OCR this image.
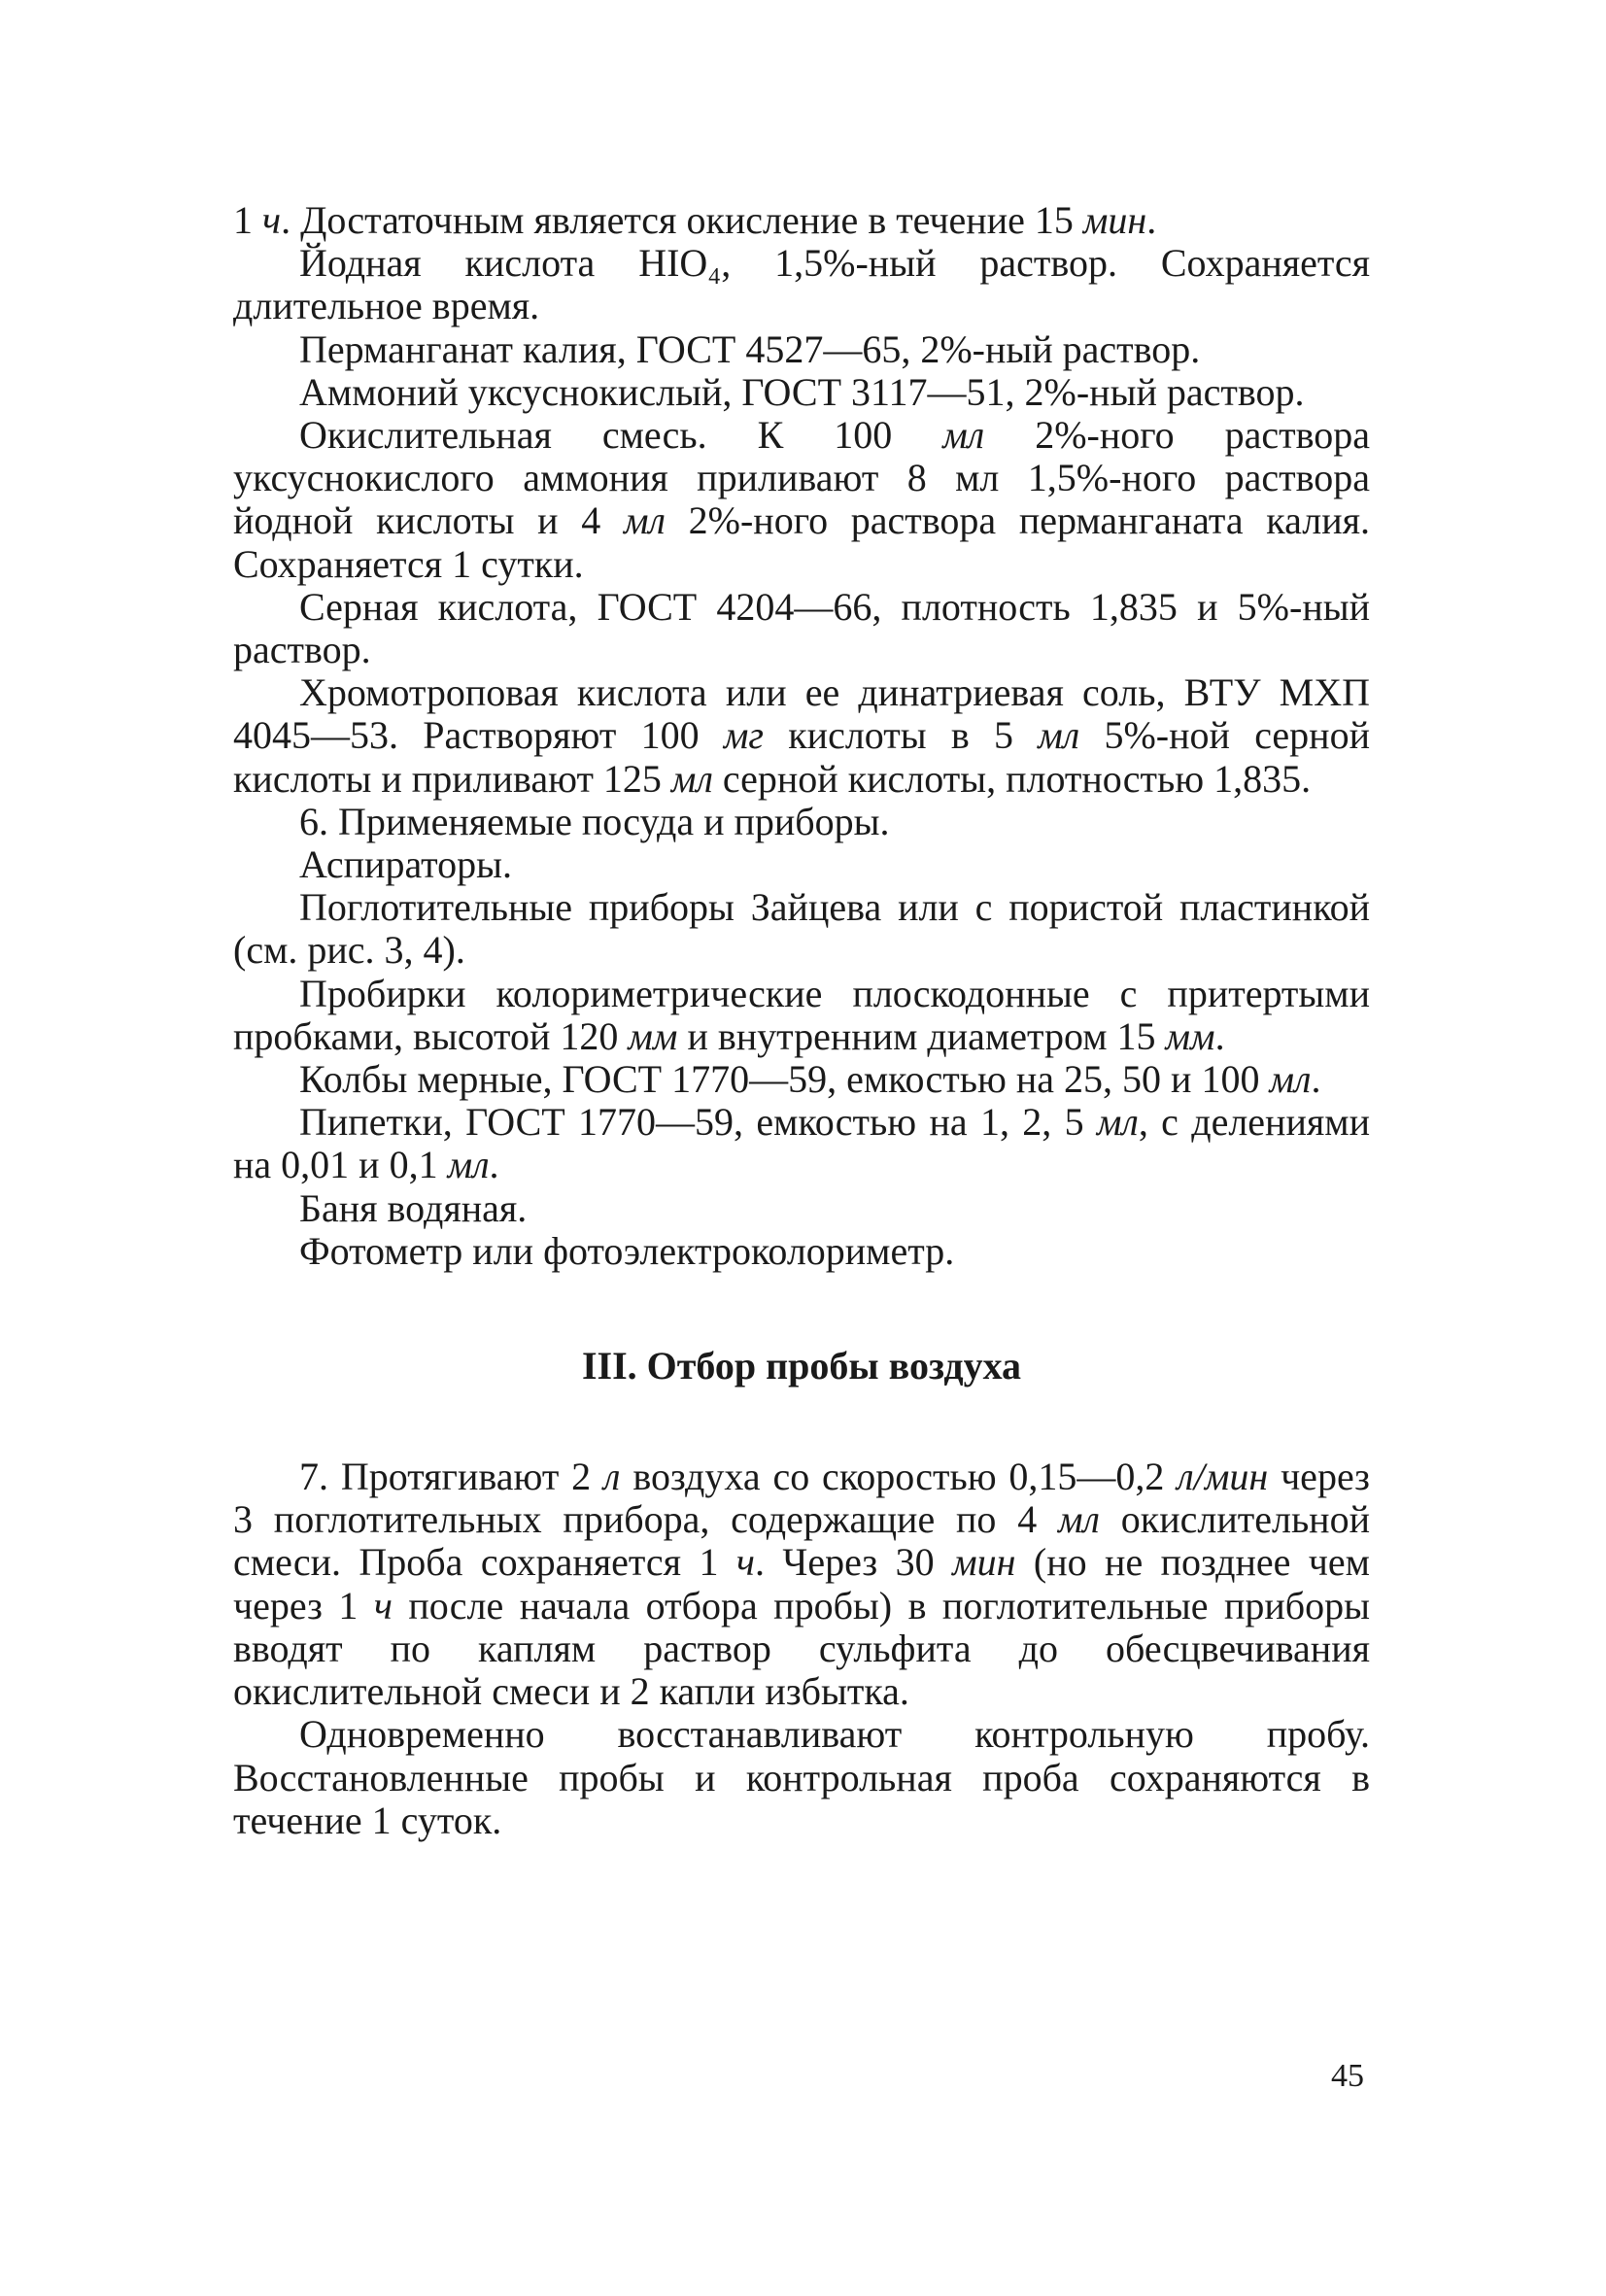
1 ч. Достаточным является окисление в течение 15 мин.

Йодная кислота HIO₄, 1,5%-ный раствор. Сохраняется длительное время.

Перманганат калия, ГОСТ 4527—65, 2%-ный раствор.

Аммоний уксуснокислый, ГОСТ 3117—51, 2%-ный раствор.

Окислительная смесь. К 100 мл 2%-ного раствора уксуснокислого аммония приливают 8 мл 1,5%-ного раствора йодной кислоты и 4 мл 2%-ного раствора перманганата калия. Сохраняется 1 сутки.

Серная кислота, ГОСТ 4204—66, плотность 1,835 и 5%-ный раствор.

Хромотроповая кислота или ее динатриевая соль, ВТУ МХП 4045—53. Растворяют 100 мг кислоты в 5 мл 5%-ной серной кислоты и приливают 125 мл серной кислоты, плотностью 1,835.

6. Применяемые посуда и приборы.

Аспираторы.

Поглотительные приборы Зайцева или с пористой пластинкой (см. рис. 3, 4).

Пробирки колориметрические плоскодонные с притертыми пробками, высотой 120 мм и внутренним диаметром 15 мм.

Колбы мерные, ГОСТ 1770—59, емкостью на 25, 50 и 100 мл.

Пипетки, ГОСТ 1770—59, емкостью на 1, 2, 5 мл, с делениями на 0,01 и 0,1 мл.

Баня водяная.

Фотометр или фотоэлектроколориметр.

III. Отбор пробы воздуха

7. Протягивают 2 л воздуха со скоростью 0,15—0,2 л/мин через 3 поглотительных прибора, содержащие по 4 мл окислительной смеси. Проба сохраняется 1 ч. Через 30 мин (но не позднее чем через 1 ч после начала отбора пробы) в поглотительные приборы вводят по каплям раствор сульфита до обесцвечивания окислительной смеси и 2 капли избытка.

Одновременно восстанавливают контрольную пробу. Восстановленные пробы и контрольная проба сохраняются в течение 1 суток.

45
